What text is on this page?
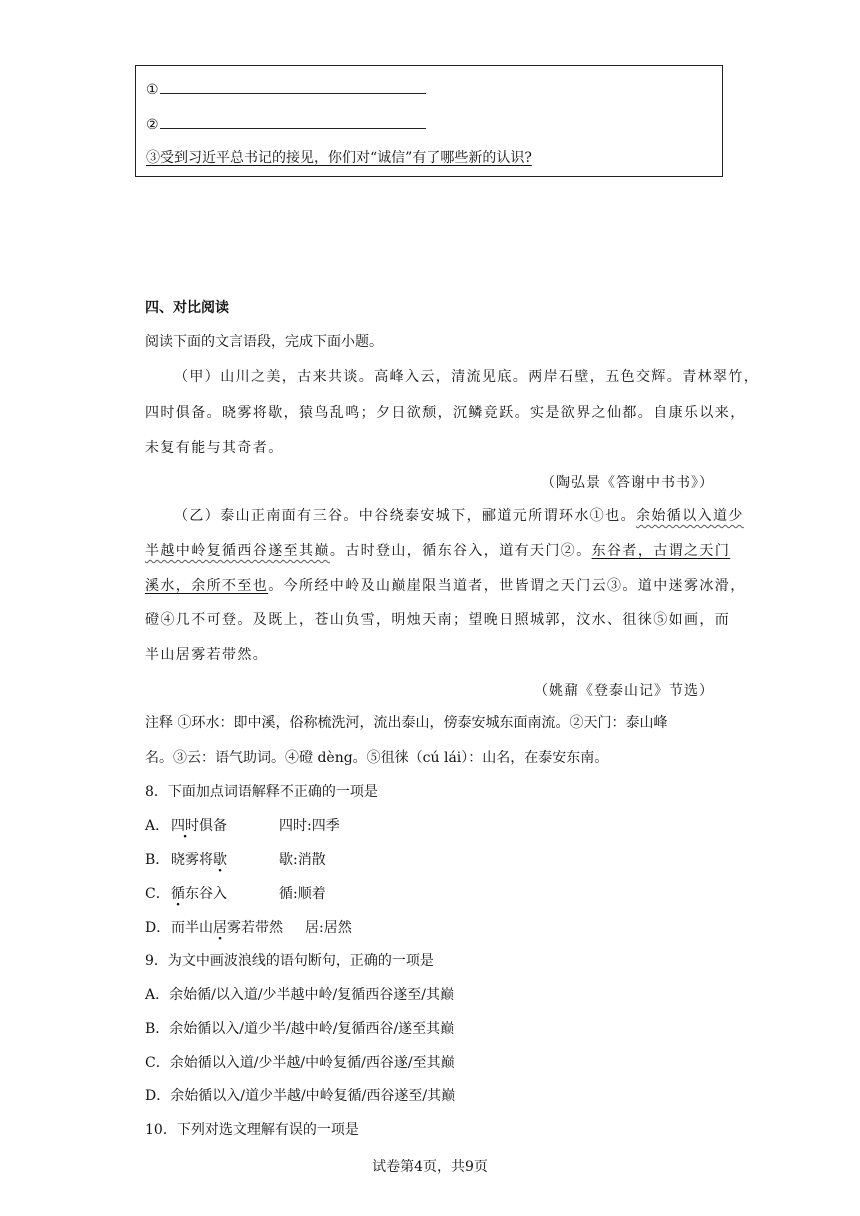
①
②
③受到习近平总书记的接见，你们对“诚信”有了哪些新的认识?
四、对比阅读
阅读下面的文言语段，完成下面小题。
（甲）山川之美，古来共谈。高峰入云，清流见底。两岸石壁，五色交辉。青林翠竹，
四时俱备。晓雾将歇，猿鸟乱鸣；夕日欲颓，沉鳞竞跃。实是欲界之仙都。自康乐以来，
未复有能与其奇者。
（陶弘景《答谢中书书》）
（乙）泰山正南面有三谷。中谷绕泰安城下，郦道元所谓环水①也。余始循以入道少
半越中岭复循西谷遂至其巅。古时登山，循东谷入，道有天门②。东谷者，古谓之天门
溪水，余所不至也。今所经中岭及山巅崖限当道者，世皆谓之天门云③。道中迷雾冰滑，
磴④几不可登。及既上，苍山负雪，明烛天南；望晚日照城郭，汶水、徂徕⑤如画，而
半山居雾若带然。
（姚鼐《登泰山记》节选）
注释 ①环水：即中溪，俗称梳洗河，流出泰山，傍泰安城东面南流。②天门：泰山峰
名。③云：语气助词。④磴 dèng。⑤徂徕（cú lái）：山名，在泰安东南。
8．下面加点词语解释不正确的一项是
A． 四时俱备	四时:四季
B． 晓雾将歇	歇:消散
C．循东谷入	循:顺着
D．而半山居雾若带然 居:居然
9．为文中画波浪线的语句断句，正确的一项是
A．余始循/以入道/少半越中岭/复循西谷遂至/其巅
B．余始循以入/道少半/越中岭/复循西谷/遂至其巅
C．余始循以入道/少半越/中岭复循/西谷遂/至其巅
D．余始循以入/道少半越/中岭复循/西谷遂至/其巅
10．下列对选文理解有误的一项是
试卷第4页，共9页
